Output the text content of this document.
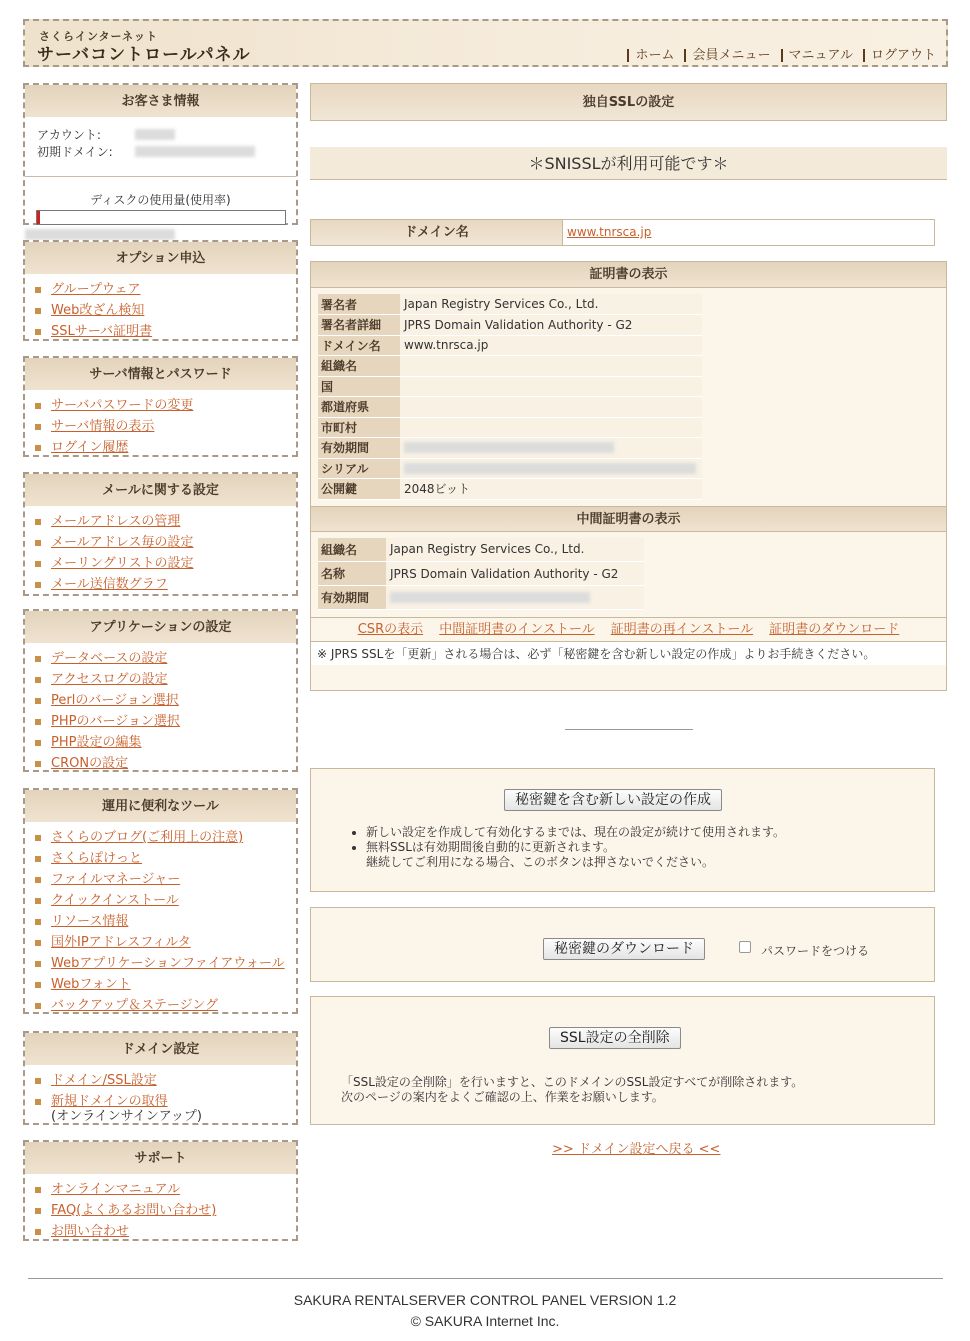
さくらインターネット
サーバコントロールパネル	ホーム	会員メニュー	マニュアル	ログアウト
お客さま情報
アカウント:
初期ドメイン:
ディスクの使用量(使用率)
オプション申込
グループウェア
Web改ざん検知
SSLサーバ証明書
サーバ情報とパスワード
サーバパスワードの変更
サーバ情報の表示
ログイン履歴
メールに関する設定
メールアドレスの管理
メールアドレス毎の設定
メーリングリストの設定
メール送信数グラフ
アプリケーションの設定
データベースの設定
アクセスログの設定
Perlのバージョン選択
PHPのバージョン選択
PHP設定の編集
CRONの設定
運用に便利なツール
さくらのブログ(ご利用上の注意)
さくらぽけっと
ファイルマネージャー
クイックインストール
リソース情報
国外IPアドレスフィルタ
Webアプリケーションファイアウォール
Webフォント
バックアップ＆ステージング
ドメイン設定
ドメイン/SSL設定
新規ドメインの取得
(オンラインサインアップ)
サポート
オンラインマニュアル
FAQ(よくあるお問い合わせ)
お問い合わせ
独自SSLの設定
＊SNISSLが利用可能です＊
ドメイン名	www.tnrsca.jp
証明書の表示
署名者	Japan Registry Services Co., Ltd.
署名者詳細	JPRS Domain Validation Authority - G2
ドメイン名	www.tnrsca.jp
組織名	
国	
都道府県	
市町村	
有効期間	
シリアル	
公開鍵	2048ビット
中間証明書の表示
組織名	Japan Registry Services Co., Ltd.
名称	JPRS Domain Validation Authority - G2
有効期間	
CSRの表示 中間証明書のインストール 証明書の再インストール 証明書のダウンロード
※ JPRS SSLを「更新」される場合は、必ず「秘密鍵を含む新しい設定の作成」よりお手続きください。
秘密鍵を含む新しい設定の作成
• 新しい設定を作成して有効化するまでは、現在の設定が続けて使用されます。
• 無料SSLは有効期間後自動的に更新されます。
継続してご利用になる場合、このボタンは押さないでください。
秘密鍵のダウンロード	パスワードをつける
SSL設定の全削除
「SSL設定の全削除」を行いますと、このドメインのSSL設定すべてが削除されます。
次のページの案内をよくご確認の上、作業をお願いします。
>> ドメイン設定へ戻る <<
SAKURA RENTALSERVER CONTROL PANEL VERSION 1.2
© SAKURA Internet Inc.
